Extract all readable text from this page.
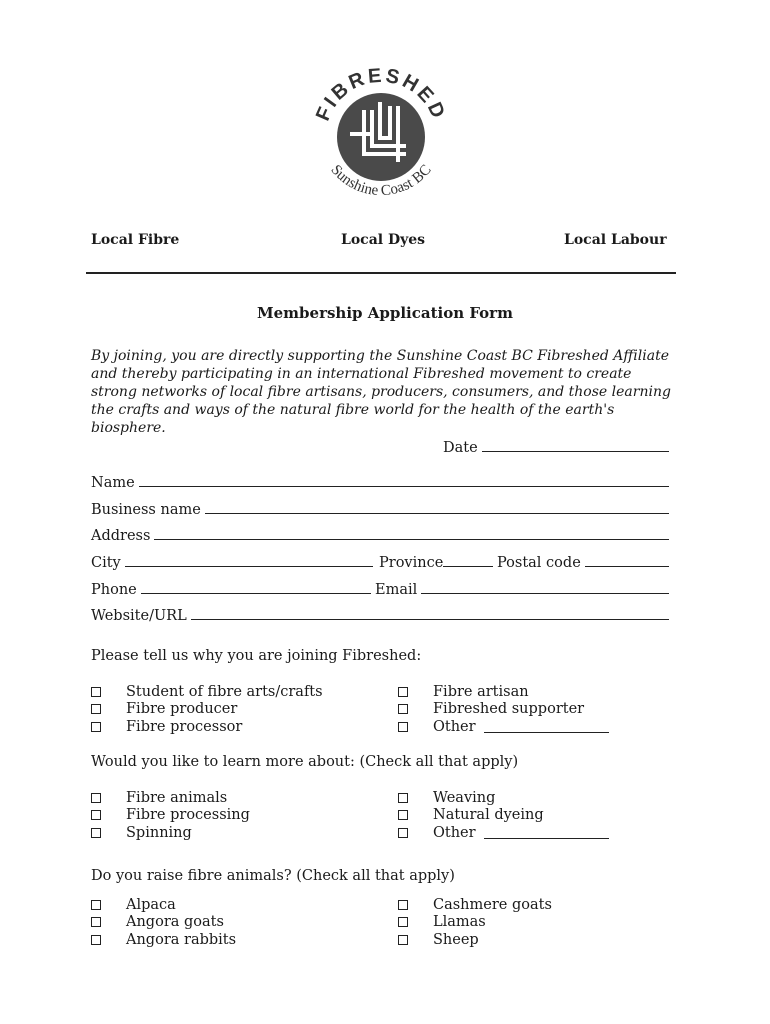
FIBRESHED
Sunshine Coast BC
Local Fibre	Local Dyes	Local Labour
Membership Application Form
By joining, you are directly supporting the Sunshine Coast BC Fibreshed Affiliate and thereby participating in an international Fibreshed movement to create strong networks of local fibre artisans, producers, consumers, and those learning the crafts and ways of the natural fibre world for the health of the earth's biosphere.
Date
Name
Business name
Address
City	Province	Postal code
Phone	Email
Website/URL
Please tell us why you are joining Fibreshed:
Student of fibre arts/crafts
Fibre producer
Fibre processor
Fibre artisan
Fibreshed supporter
Other
Would you like to learn more about: (Check all that apply)
Fibre animals
Fibre processing
Spinning
Weaving
Natural dyeing
Other
Do you raise fibre animals? (Check all that apply)
Alpaca
Angora goats
Angora rabbits
Cashmere goats
Llamas
Sheep
